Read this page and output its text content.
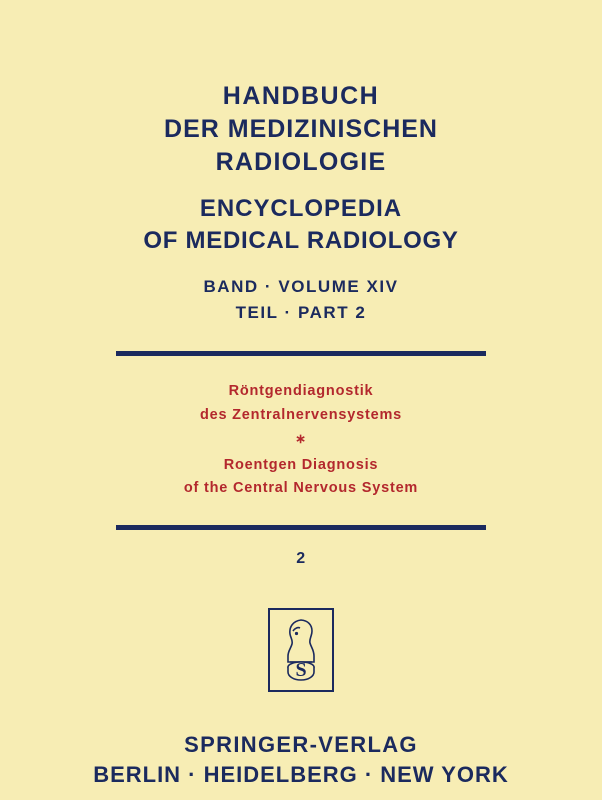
HANDBUCH
DER MEDIZINISCHEN
RADIOLOGIE
ENCYCLOPEDIA
OF MEDICAL RADIOLOGY
BAND · VOLUME XIV
TEIL · PART 2
Röntgendiagnostik
des Zentralnervensystems
∗
Roentgen Diagnosis
of the Central Nervous System
2
S
SPRINGER-VERLAG
BERLIN · HEIDELBERG · NEW YORK
